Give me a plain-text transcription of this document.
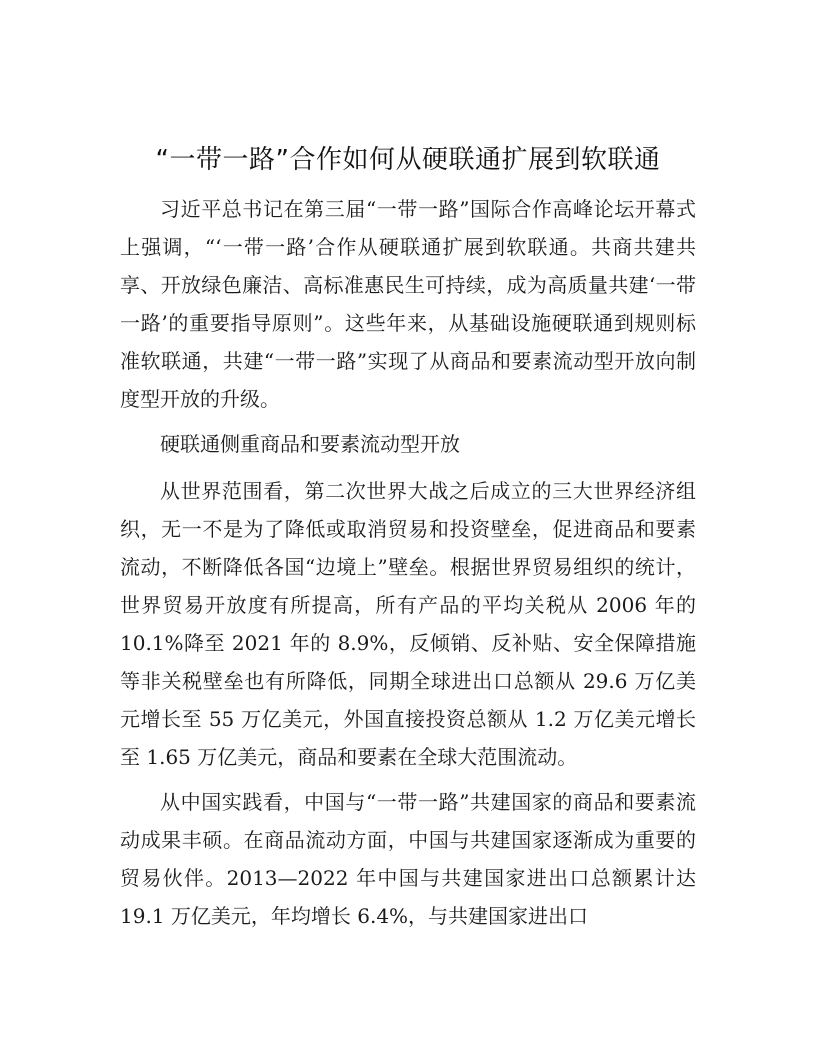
“一带一路”合作如何从硬联通扩展到软联通

习近平总书记在第三届“一带一路”国际合作高峰论坛开幕式上强调，“‘一带一路’合作从硬联通扩展到软联通。共商共建共享、开放绿色廉洁、高标准惠民生可持续，成为高质量共建‘一带一路’的重要指导原则”。这些年来，从基础设施硬联通到规则标准软联通，共建“一带一路”实现了从商品和要素流动型开放向制度型开放的升级。

硬联通侧重商品和要素流动型开放

从世界范围看，第二次世界大战之后成立的三大世界经济组织，无一不是为了降低或取消贸易和投资壁垒，促进商品和要素流动，不断降低各国“边境上”壁垒。根据世界贸易组织的统计，世界贸易开放度有所提高，所有产品的平均关税从 2006 年的 10.1%降至 2021 年的 8.9%，反倾销、反补贴、安全保障措施等非关税壁垒也有所降低，同期全球进出口总额从 29.6 万亿美元增长至 55 万亿美元，外国直接投资总额从 1.2 万亿美元增长至 1.65 万亿美元，商品和要素在全球大范围流动。

从中国实践看，中国与“一带一路”共建国家的商品和要素流动成果丰硕。在商品流动方面，中国与共建国家逐渐成为重要的贸易伙伴。2013—2022 年中国与共建国家进出口总额累计达 19.1 万亿美元，年均增长 6.4%，与共建国家进出口
